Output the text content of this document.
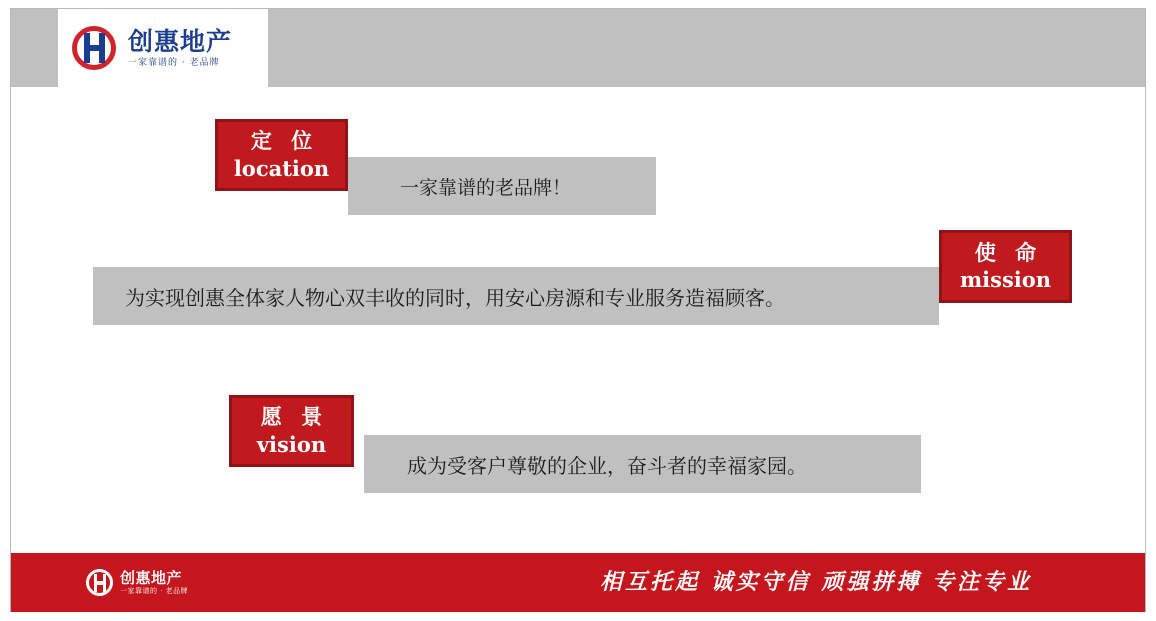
创惠地产
一家靠谱的 · 老品牌
定 位
location
一家靠谱的老品牌！
使 命
mission
为实现创惠全体家人物心双丰收的同时，用安心房源和专业服务造福顾客。
愿 景
vision
成为受客户尊敬的企业，奋斗者的幸福家园。
创惠地产
一家靠谱的 · 老品牌	相互托起 诚实守信 顽强拼搏 专注专业
